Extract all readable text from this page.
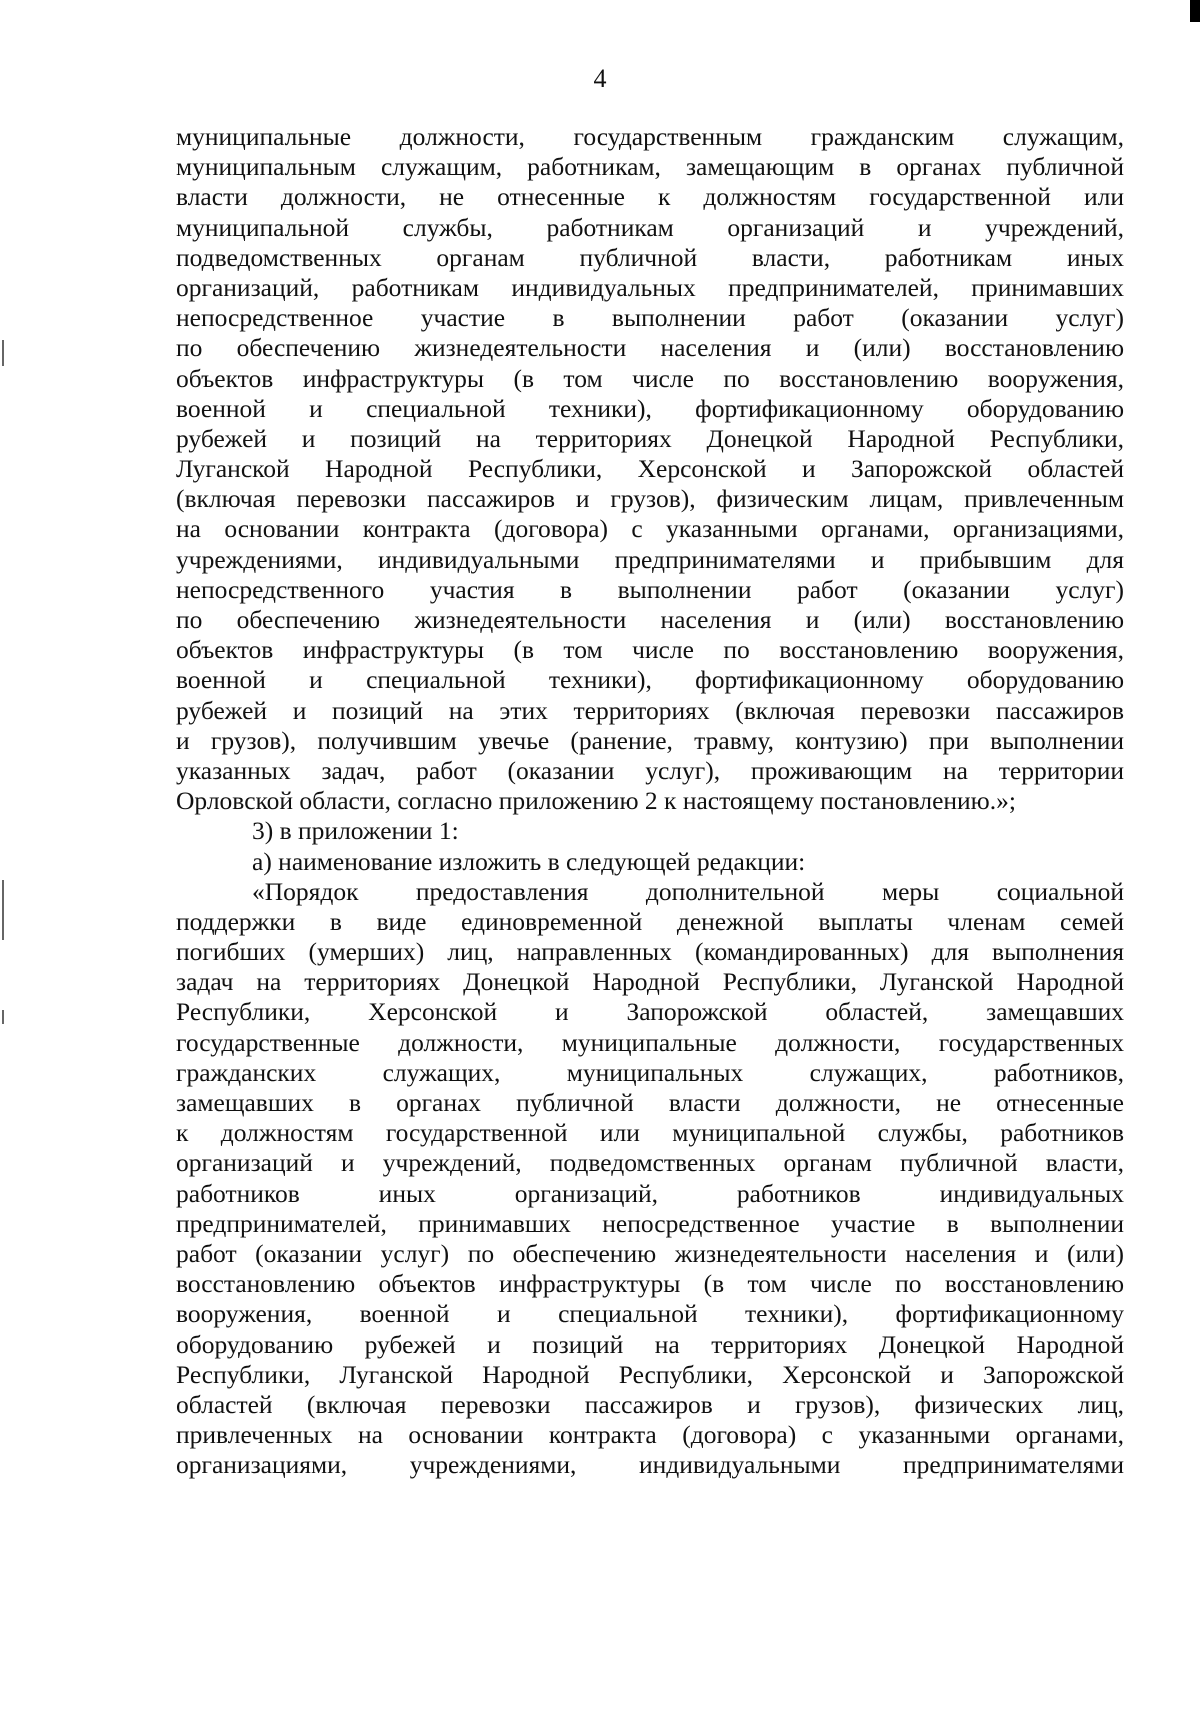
4
муниципальные должности, государственным гражданским служащим,
муниципальным служащим, работникам, замещающим в органах публичной
власти должности, не отнесенные к должностям государственной или
муниципальной службы, работникам организаций и учреждений,
подведомственных органам публичной власти, работникам иных
организаций, работникам индивидуальных предпринимателей, принимавших
непосредственное участие в выполнении работ (оказании услуг)
по обеспечению жизнедеятельности населения и (или) восстановлению
объектов инфраструктуры (в том числе по восстановлению вооружения,
военной и специальной техники), фортификационному оборудованию
рубежей и позиций на территориях Донецкой Народной Республики,
Луганской Народной Республики, Херсонской и Запорожской областей
(включая перевозки пассажиров и грузов), физическим лицам, привлеченным
на основании контракта (договора) с указанными органами, организациями,
учреждениями, индивидуальными предпринимателями и прибывшим для
непосредственного участия в выполнении работ (оказании услуг)
по обеспечению жизнедеятельности населения и (или) восстановлению
объектов инфраструктуры (в том числе по восстановлению вооружения,
военной и специальной техники), фортификационному оборудованию
рубежей и позиций на этих территориях (включая перевозки пассажиров
и грузов), получившим увечье (ранение, травму, контузию) при выполнении
указанных задач, работ (оказании услуг), проживающим на территории
Орловской области, согласно приложению 2 к настоящему постановлению.»;
3) в приложении 1:
а) наименование изложить в следующей редакции:
«Порядок предоставления дополнительной меры социальной
поддержки в виде единовременной денежной выплаты членам семей
погибших (умерших) лиц, направленных (командированных) для выполнения
задач на территориях Донецкой Народной Республики, Луганской Народной
Республики, Херсонской и Запорожской областей, замещавших
государственные должности, муниципальные должности, государственных
гражданских служащих, муниципальных служащих, работников,
замещавших в органах публичной власти должности, не отнесенные
к должностям государственной или муниципальной службы, работников
организаций и учреждений, подведомственных органам публичной власти,
работников иных организаций, работников индивидуальных
предпринимателей, принимавших непосредственное участие в выполнении
работ (оказании услуг) по обеспечению жизнедеятельности населения и (или)
восстановлению объектов инфраструктуры (в том числе по восстановлению
вооружения, военной и специальной техники), фортификационному
оборудованию рубежей и позиций на территориях Донецкой Народной
Республики, Луганской Народной Республики, Херсонской и Запорожской
областей (включая перевозки пассажиров и грузов), физических лиц,
привлеченных на основании контракта (договора) с указанными органами,
организациями, учреждениями, индивидуальными предпринимателями
